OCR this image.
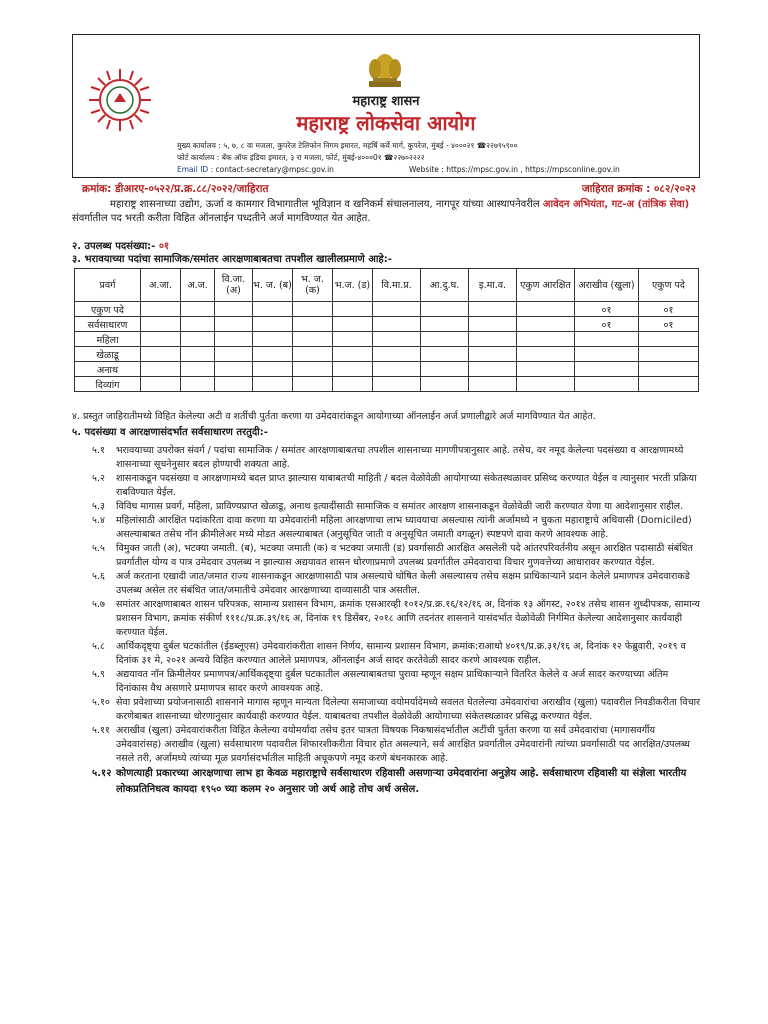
महाराष्ट्र शासन
महाराष्ट्र लोकसेवा आयोग
मुख्य कार्यालय : ५, ७, ८ वा मजला, कुपरेज टेलिफोन निगम इमारत, महर्षि कर्वे मार्ग, कुपरेज, मुंबई - ४०००२१ ☎२२७९५९००
फोर्ट कार्यालय : बँक ऑफ इंडिया इमारत, ३ रा मजला, फोर्ट, मुंबई-४०००0१ ☎२२७०२२२२
Email ID : contact-secretary@mpsc.gov.in	Website : https://mpsc.gov.in , https://mpsconline.gov.in
क्रमांक: डीआरए-०५२२/प्र.क्र.८८/२०२२/जाहिरात	जाहिरात क्रमांक : ०८२/२०२२
महाराष्ट्र शासनाच्या उद्योग, ऊर्जा व कामगार विभागातील भूविज्ञान व खनिकर्म संचालनालय, नागपूर यांच्या आस्थापनेवरील आवेदन अभियंता, गट-अ (तांत्रिक सेवा) संवर्गातील पद भरती करीता विहित ऑनलाईन पध्दतीने अर्ज मागविण्यात येत आहेत.
२. उपलब्ध पदसंख्या:- ०१
३. भरावयाच्या पदांचा सामाजिक/समांतर आरक्षणाबाबतचा तपशील खालीलप्रमाणे आहे:-
प्रवर्ग	अ.जा.	अ.ज.	वि.जा. (अ)	भ. ज. (ब)	भ. ज. (क)	भ.ज. (ड)	वि.मा.प्र.	आ.दु.घ.	इ.मा.व.	एकुण आरक्षित	अराखीव (खुला)	एकुण पदे
एकुण पदे											०१	०१
सर्वसाधारण											०१	०१
महिला												
खेळाडू												
अनाथ												
दिव्यांग												
४. प्रस्तुत जाहिरातीमध्ये विहित केलेल्या अटी व शर्तीची पुर्तता करणा या उमेदवारांकडून आयोगाच्या ऑनलाईन अर्ज प्रणालीद्वारे अर्ज मागविण्यात येत आहेत.
५. पदसंख्या व आरक्षणासंदर्भात सर्वसाधारण तरतुदी:-
५.१	भरावयाच्या उपरोक्त संवर्ग / पदांचा सामाजिक / समांतर आरक्षणाबाबतचा तपशील शासनाच्या मागणीपत्रानुसार आहे. तसेच, वर नमूद केलेल्या पदसंख्या व आरक्षणामध्ये शासनाच्या सूचनेनुसार बदल होण्याची शक्यता आहे.
५.२	शासनाकडून पदसंख्या व आरक्षणामध्ये बदल प्राप्त झाल्यास याबाबतची माहिती / बदल वेळोवेळी आयोगाच्या संकेतस्थळावर प्रसिध्द करण्यात येईल व त्यानुसार भरती प्रक्रिया राबविण्यात येईल.
५.३	विविध मागास प्रवर्ग, महिला, प्राविण्यप्राप्त खेळाडू, अनाथ इत्यादींसाठी सामाजिक व समांतर आरक्षण शासनाकडून वेळोवेळी जारी करण्यात येणा या आदेशानुसार राहील.
५.४	महिलांसाठी आरक्षित पदांकरिता दावा करणा या उमेदवारांनी महिला आरक्षणाचा लाभ घ्यावयाचा असल्यास त्यांनी अर्जामध्ये न चुकता महाराष्ट्राचे अधिवासी (Domiciled) असल्याबाबत तसेच नॉन क्रीमीलेअर मध्ये मोडत असल्याबाबत (अनुसूचित जाती व अनुसूचित जमाती वगळून) स्पष्टपणे दावा करणे आवश्यक आहे.
५.५	विमुक्त जाती (अ), भटक्या जमाती. (ब), भटक्या जमाती (क) व भटक्या जमाती (ड) प्रवर्गासाठी आरक्षित असलेली पदे आंतरपरिवर्तनीय असून आरक्षित पदासाठी संबंधित प्रवर्गातील योग्य व पात्र उमेदवार उपलब्ध न झाल्यास अद्ययावत शासन धोरणाप्रमाणे उपलब्ध प्रवर्गातील उमेदवाराचा विचार गुणवत्तेच्या आधारावर करण्यात येईल.
५.६	अर्ज करताना एखादी जात/जमात राज्य शासनाकडून आरक्षणासाठी पात्र असल्याचे घोषित केली असल्यासच तसेच सक्षम प्राधिकाऱ्याने प्रदान केलेले प्रमाणपत्र उमेदवाराकडे उपलब्ध असेल तर संबंधित जात/जमातीचे उमेदवार आरक्षणाच्या दाव्यासाठी पात्र असतील.
५.७	समांतर आरक्षणाबाबत शासन परिपत्रक, सामान्य प्रशासन विभाग, क्रमांक एसआरव्ही १०१२/प्र.क्र.१६/१२/१६ अ, दिनांक १३ ऑगस्ट, २०१४ तसेच शासन शुध्दीपत्रक, सामान्य प्रशासन विभाग, क्रमांक संकीर्ण १११८/प्र.क्र.३९/१६ अ, दिनांक १९ डिसेंबर, २०१८ आणि तदनंतर शासनाने यासंदर्भात वेळोवेळी निर्गमित केलेल्या आदेशानुसार कार्यवाही करण्यात येईल.
५.८	आर्थिकदृष्ट्या दुर्बल घटकांतील (ईडब्लूएस) उमेदवारांकरीता शासन निर्णय, सामान्य प्रशासन विभाग, क्रमांक:राआधो ४०१९/प्र.क्र.३१/१६ अ, दिनांक १२ फेब्रुवारी, २०१९ व दिनांक ३१ मे, २०२१ अन्वये विहित करण्यात आलेले प्रमाणपत्र, ऑनलाईन अर्ज सादर करतेवेळी सादर करणे आवश्यक राहील.
५.९	अद्ययावत नॉन क्रिमीलेयर प्रमाणपत्र/आर्थिकदृष्ट्या दुर्बल घटकातील असल्याबाबतचा पुरावा म्हणून सक्षम प्राधिकाऱ्याने वितरित केलेले व अर्ज सादर करण्याच्या अंतिम दिनांकास वैध असणारे प्रमाणपत्र सादर करणे आवश्यक आहे.
५.१० सेवा प्रवेशाच्या प्रयोजनासाठी शासनाने मागास म्हणून मान्यता दिलेल्या समाजाच्या वयोमर्यादेमध्ये सवलत घेतलेल्या उमेदवारांचा अराखीव (खुला) पदावरील निवडीकरीता विचार करणेबाबत शासनाच्या धोरणानुसार कार्यवाही करण्यात येईल. याबाबतचा तपशील वेळोवेळी आयोगाच्या संकेतस्थळावर प्रसिद्ध करण्यात येईल.
५.११ अराखीव (खुला) उमेदवारांकरीता विहित केलेल्या वयोमर्यादा तसेच इतर पात्रता विषयक निकषासंदर्भातील अटींची पुर्तता करणा या सर्व उमेदवारांचा (मागासवर्गीय उमेदवारांसह) अराखीव (खुला) सर्वसाधारण पदावरील शिफारशीकरीता विचार होत असल्याने, सर्व आरक्षित प्रवर्गातील उमेदवारांनी त्यांच्या प्रवर्गासाठी पद आरक्षित/उपलब्ध नसले तरी, अर्जामध्ये त्यांच्या मूळ प्रवर्गासंदर्भातील माहिती अचूकपणे नमूद करणे बंधनकारक आहे.
५.१२ कोणत्याही प्रकारच्या आरक्षणाचा लाभ हा केवळ महाराष्ट्राचे सर्वसाधारण रहिवासी असणाऱ्या उमेदवारांना अनुज्ञेय आहे. सर्वसाधारण रहिवासी या संज्ञेला भारतीय लोकप्रतिनिधत्व कायदा १९५० च्या कलम २० अनुसार जो अर्थ आहे तोच अर्थ असेल.
